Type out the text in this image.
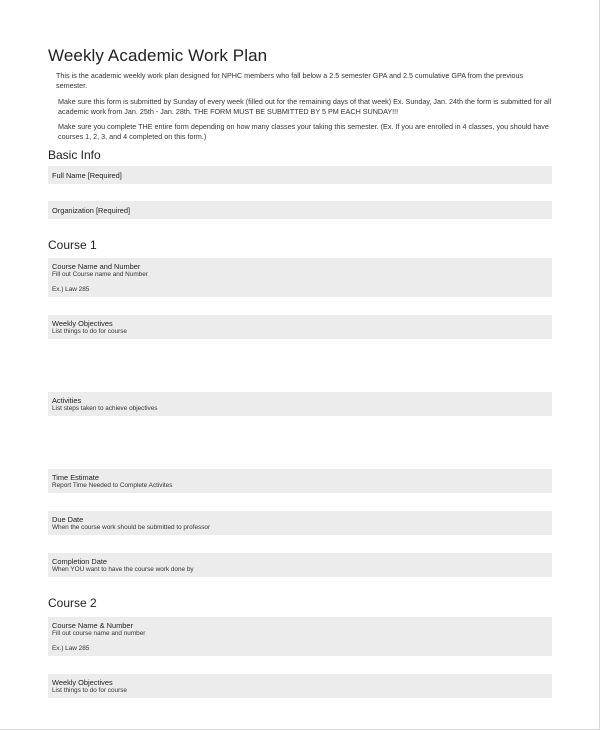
Weekly Academic Work Plan
This is the academic weekly work plan designed for NPHC members who fall below a 2.5 semester GPA and 2.5 cumulative GPA from the previous semester.
Make sure this form is submitted by Sunday of every week (filled out for the remaining days of that week) Ex. Sunday, Jan. 24th the form is submitted for all academic work from Jan. 25th - Jan. 28th. THE FORM MUST BE SUBMITTED BY 5 PM EACH SUNDAY!!!
Make sure you complete THE entire form depending on how many classes your taking this semester. (Ex. If you are enrolled in 4 classes, you should have courses 1, 2, 3, and 4 completed on this form.)
Basic Info
Full Name [Required]
Organization [Required]
Course 1
Course Name and Number
Fill out Course name and Number
Ex.) Law 285
Weekly Objectives
List things to do for course
Activities
List steps taken to achieve objectives
Time Estimate
Report Time Needed to Complete Activites
Due Date
When the course work should be submitted to professor
Completion Date
When YOU want to have the course work done by
Course 2
Course Name & Number
Fill out course name and number
Ex.) Law 285
Weekly Objectives
List things to do for course
